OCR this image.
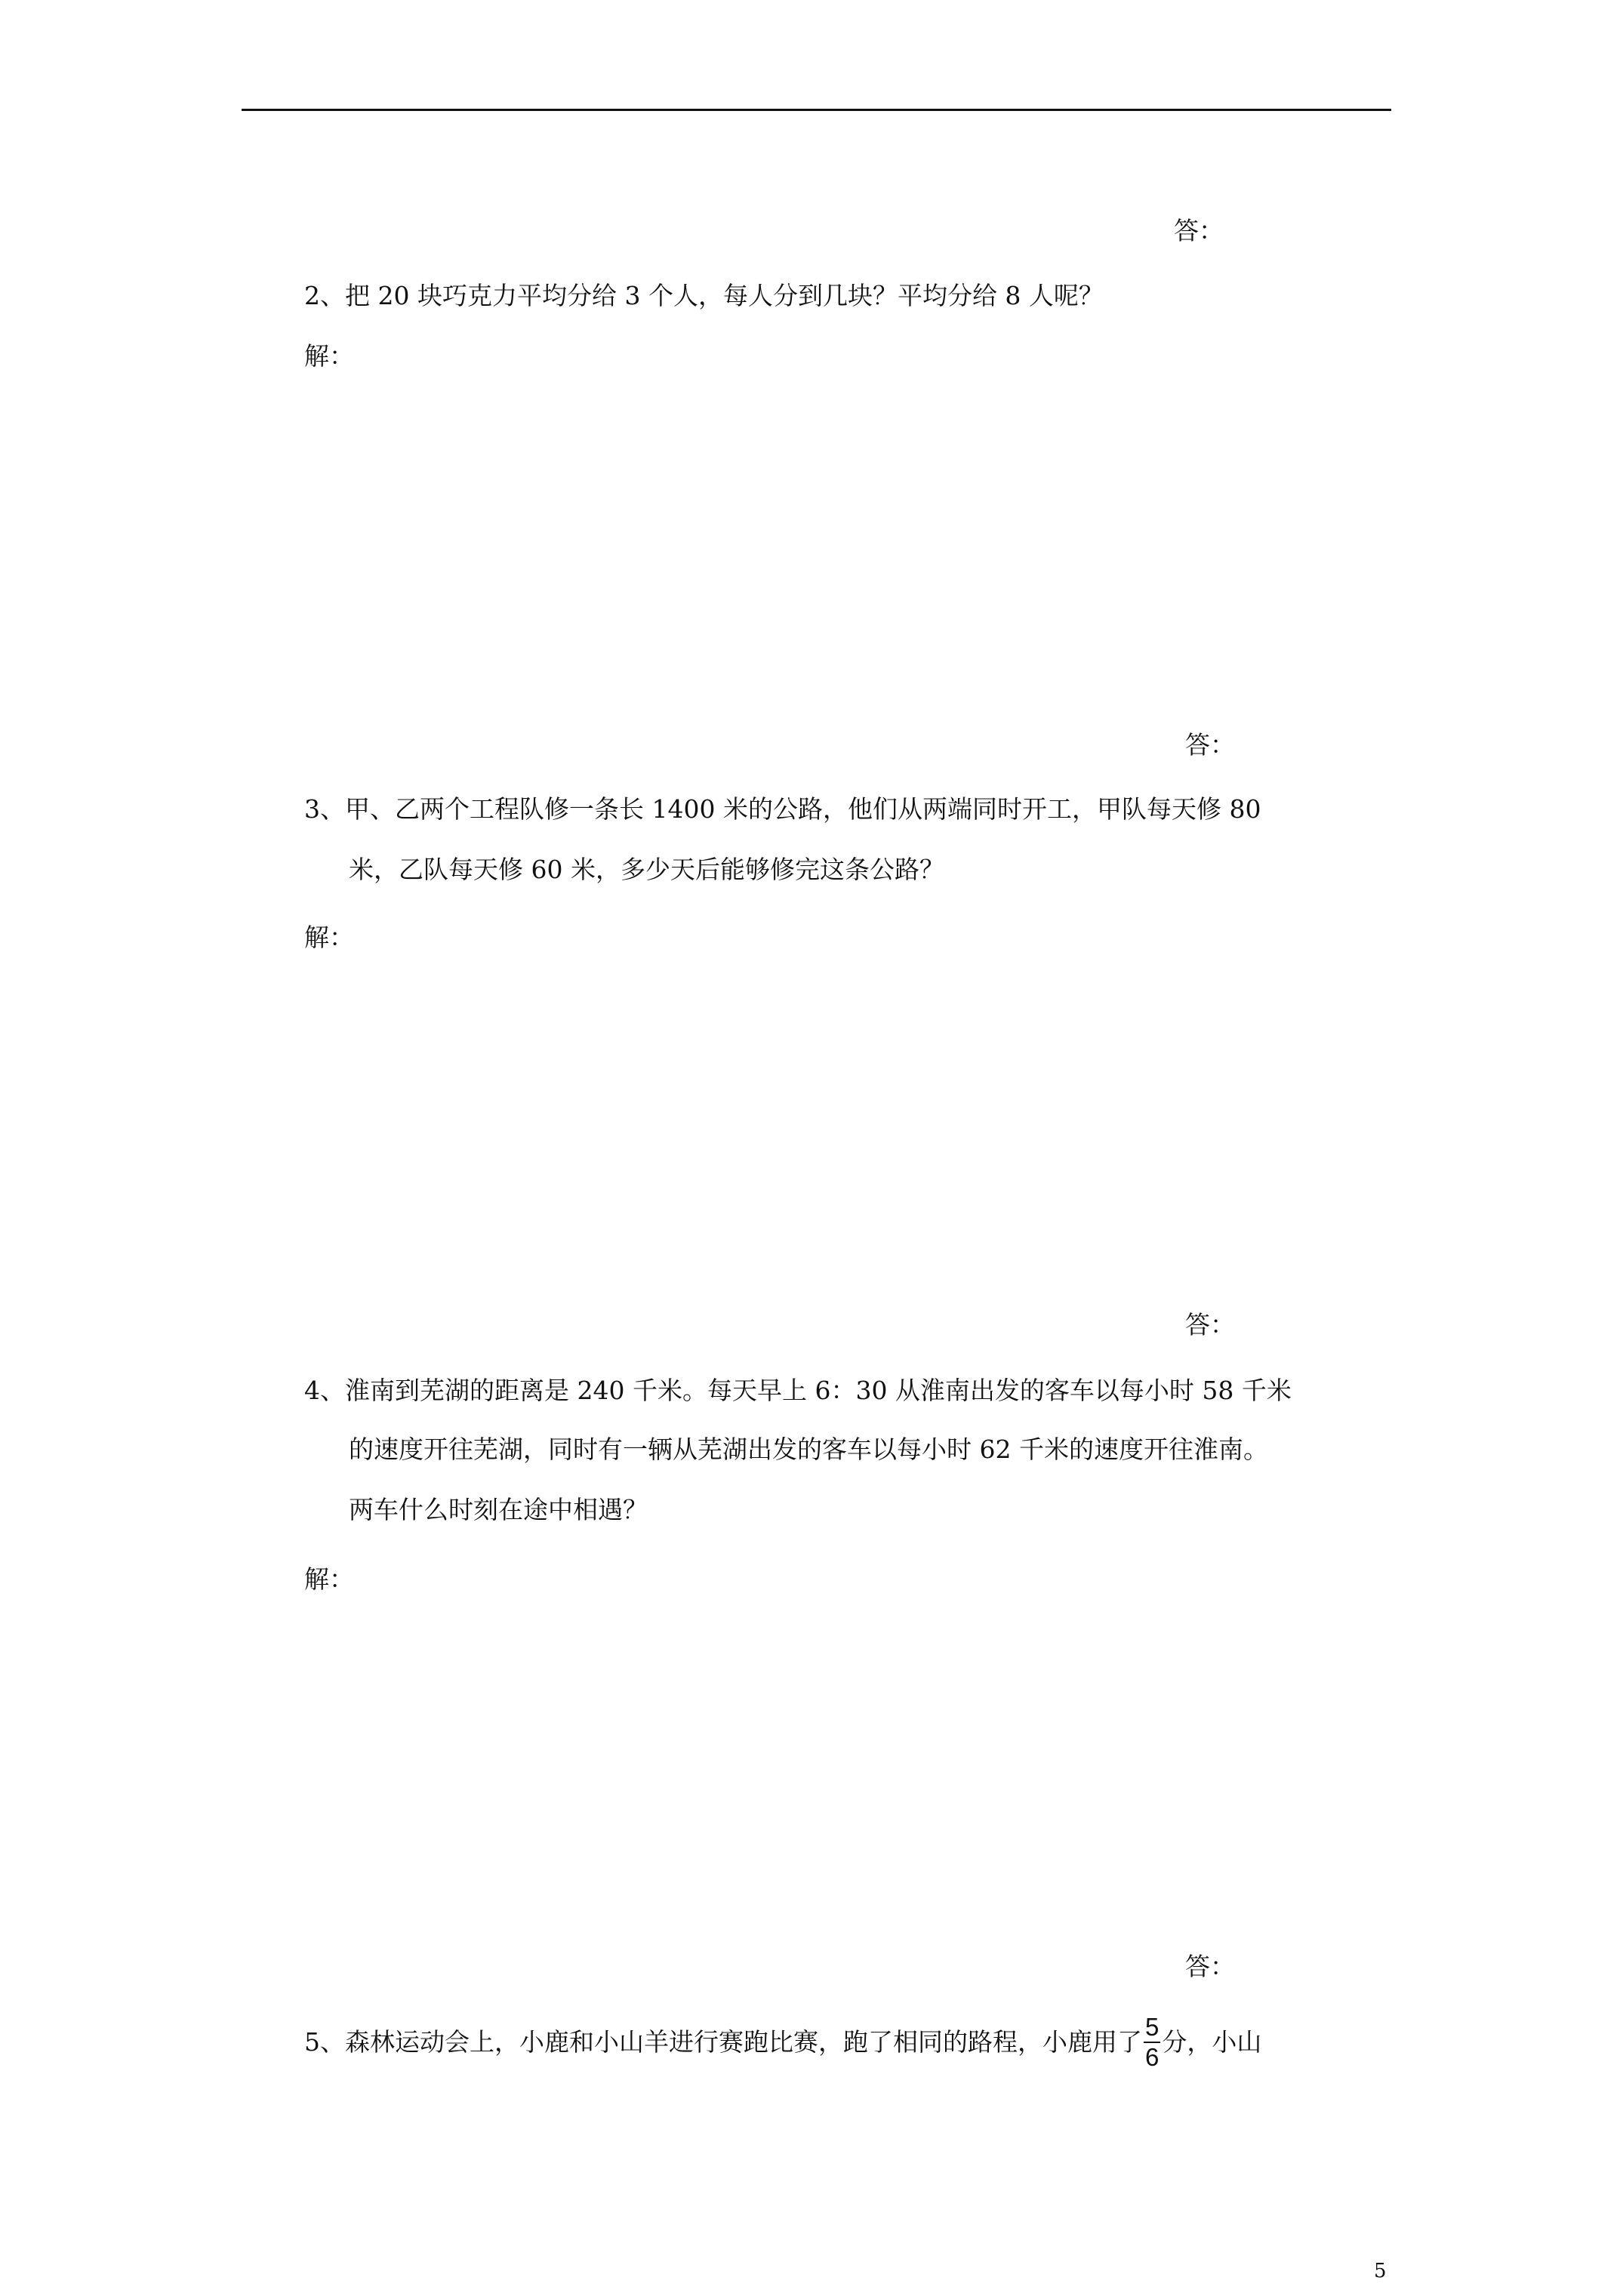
答：
2、把 20 块巧克力平均分给 3 个人，每人分到几块？平均分给 8 人呢？
解：
答：
3、甲、乙两个工程队修一条长 1400 米的公路，他们从两端同时开工，甲队每天修 80
米，乙队每天修 60 米，多少天后能够修完这条公路？
解：
答：
4、淮南到芜湖的距离是 240 千米。每天早上 6：30 从淮南出发的客车以每小时 58 千米
的速度开往芜湖，同时有一辆从芜湖出发的客车以每小时 62 千米的速度开往淮南。
两车什么时刻在途中相遇？
解：
答：
5、森林运动会上，小鹿和小山羊进行赛跑比赛，跑了相同的路程，小鹿用了 $\frac{5}{6}$ 分，小山
5
